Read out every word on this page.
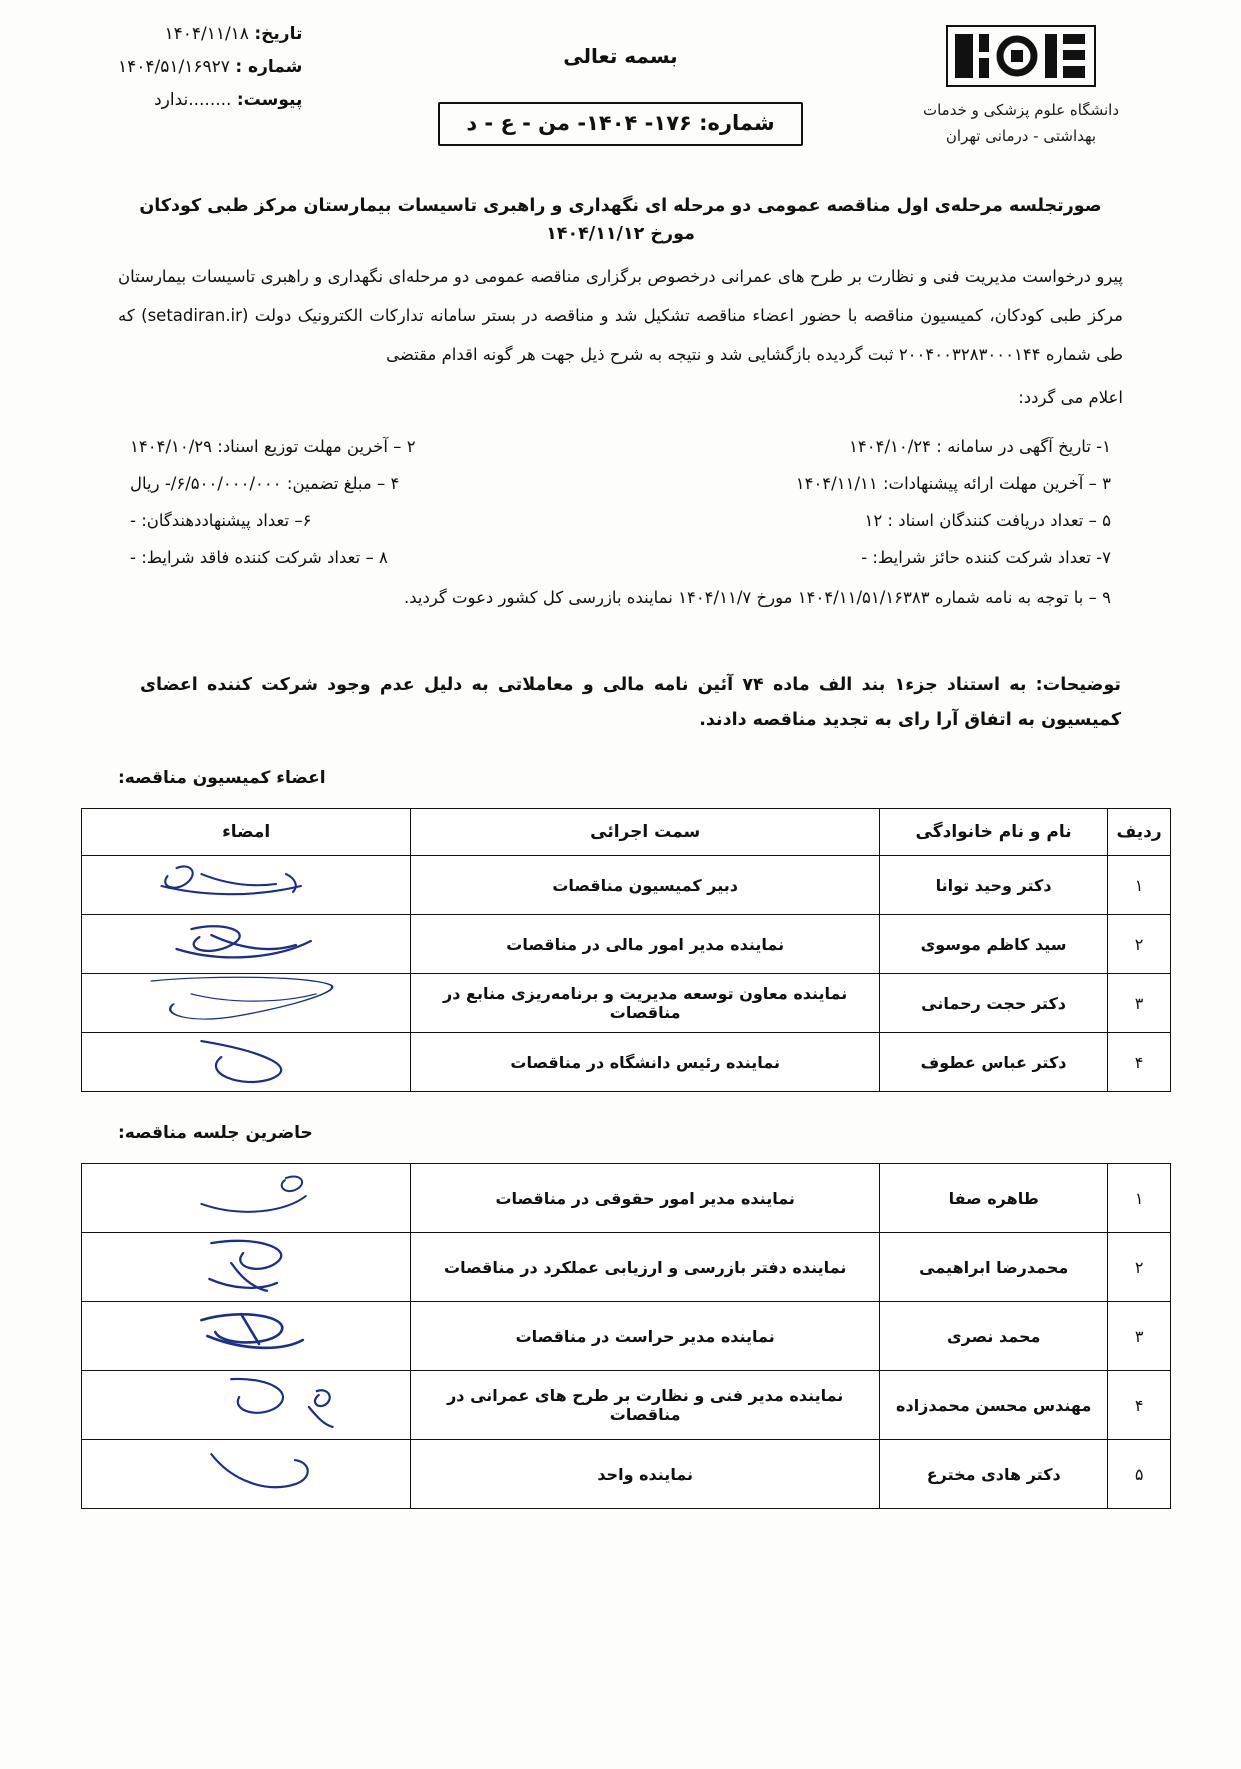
تاریخ: ۱۴۰۴/۱۱/۱۸
شماره : ۱۴۰۴/۵۱/۱۶۹۲۷
پیوست: ........ندارد
بسمه تعالی
شماره: ۱۷۶- ۱۴۰۴- من - ع - د
دانشگاه علوم پزشکی و خدمات
بهداشتی - درمانی تهران
صورتجلسه مرحله‌ی اول مناقصه عمومی دو مرحله ای نگهداری و راهبری تاسیسات بیمارستان مرکز طبی کودکان مورخ ۱۴۰۴/۱۱/۱۲
پیرو درخواست مدیریت فنی و نظارت بر طرح های عمرانی درخصوص برگزاری مناقصه عمومی دو مرحله‌ای نگهداری و راهبری تاسیسات بیمارستان مرکز طبی کودکان، کمیسیون مناقصه با حضور اعضاء مناقصه تشکیل شد و مناقصه در بستر سامانه تدارکات الکترونیک دولت (setadiran.ir) که طی شماره ۲۰۰۴۰۰۳۲۸۳۰۰۰۱۴۴ ثبت گردیده بازگشایی شد و نتیجه به شرح ذیل جهت هر گونه اقدام مقتضی
اعلام می گردد:
۱- تاریخ آگهی در سامانه : ۱۴۰۴/۱۰/۲۴
۲ – آخرین مهلت توزیع اسناد: ۱۴۰۴/۱۰/۲۹
۳ – آخرین مهلت ارائه پیشنهادات: ۱۴۰۴/۱۱/۱۱
۴ – مبلغ تضمین: ۶/۵۰۰/۰۰۰/۰۰۰/- ریال
۵ – تعداد دریافت کنندگان اسناد : ۱۲
۶– تعداد پیشنهاددهندگان: -
۷- تعداد شرکت کننده حائز شرایط: -
۸ – تعداد شرکت کننده فاقد شرایط: -
۹ – با توجه به نامه شماره ۱۴۰۴/۱۱/۵۱/۱۶۳۸۳ مورخ ۱۴۰۴/۱۱/۷ نماینده بازرسی کل کشور دعوت گردید.
توضیحات: به استناد جزء۱ بند الف ماده ۷۴ آئین نامه مالی و معاملاتی به دلیل عدم وجود شرکت کننده اعضای کمیسیون به اتفاق آرا رای به تجدید مناقصه دادند.
اعضاء کمیسیون مناقصه:
ردیف	نام و نام خانوادگی	سمت اجرائی	امضاء
۱	دکتر وحید توانا	دبیر کمیسیون مناقصات	

۲	سید کاظم موسوی	نماینده مدیر امور مالی در مناقصات	

۳	دکتر حجت رحمانی	نماینده معاون توسعه مدیریت و برنامه‌ریزی منابع در مناقصات	

۴	دکتر عباس عطوف	نماینده رئیس دانشگاه در مناقصات	
حاضرین جلسه مناقصه:
۱	طاهره صفا	نماینده مدیر امور حقوقی در مناقصات	

۲	محمدرضا ابراهیمی	نماینده دفتر بازرسی و ارزیابی عملکرد در مناقصات	

۳	محمد نصری	نماینده مدیر حراست در مناقصات	

۴	مهندس محسن محمدزاده	نماینده مدیر فنی و نظارت بر طرح های عمرانی در مناقصات	

۵	دکتر هادی مخترع	نماینده واحد	
